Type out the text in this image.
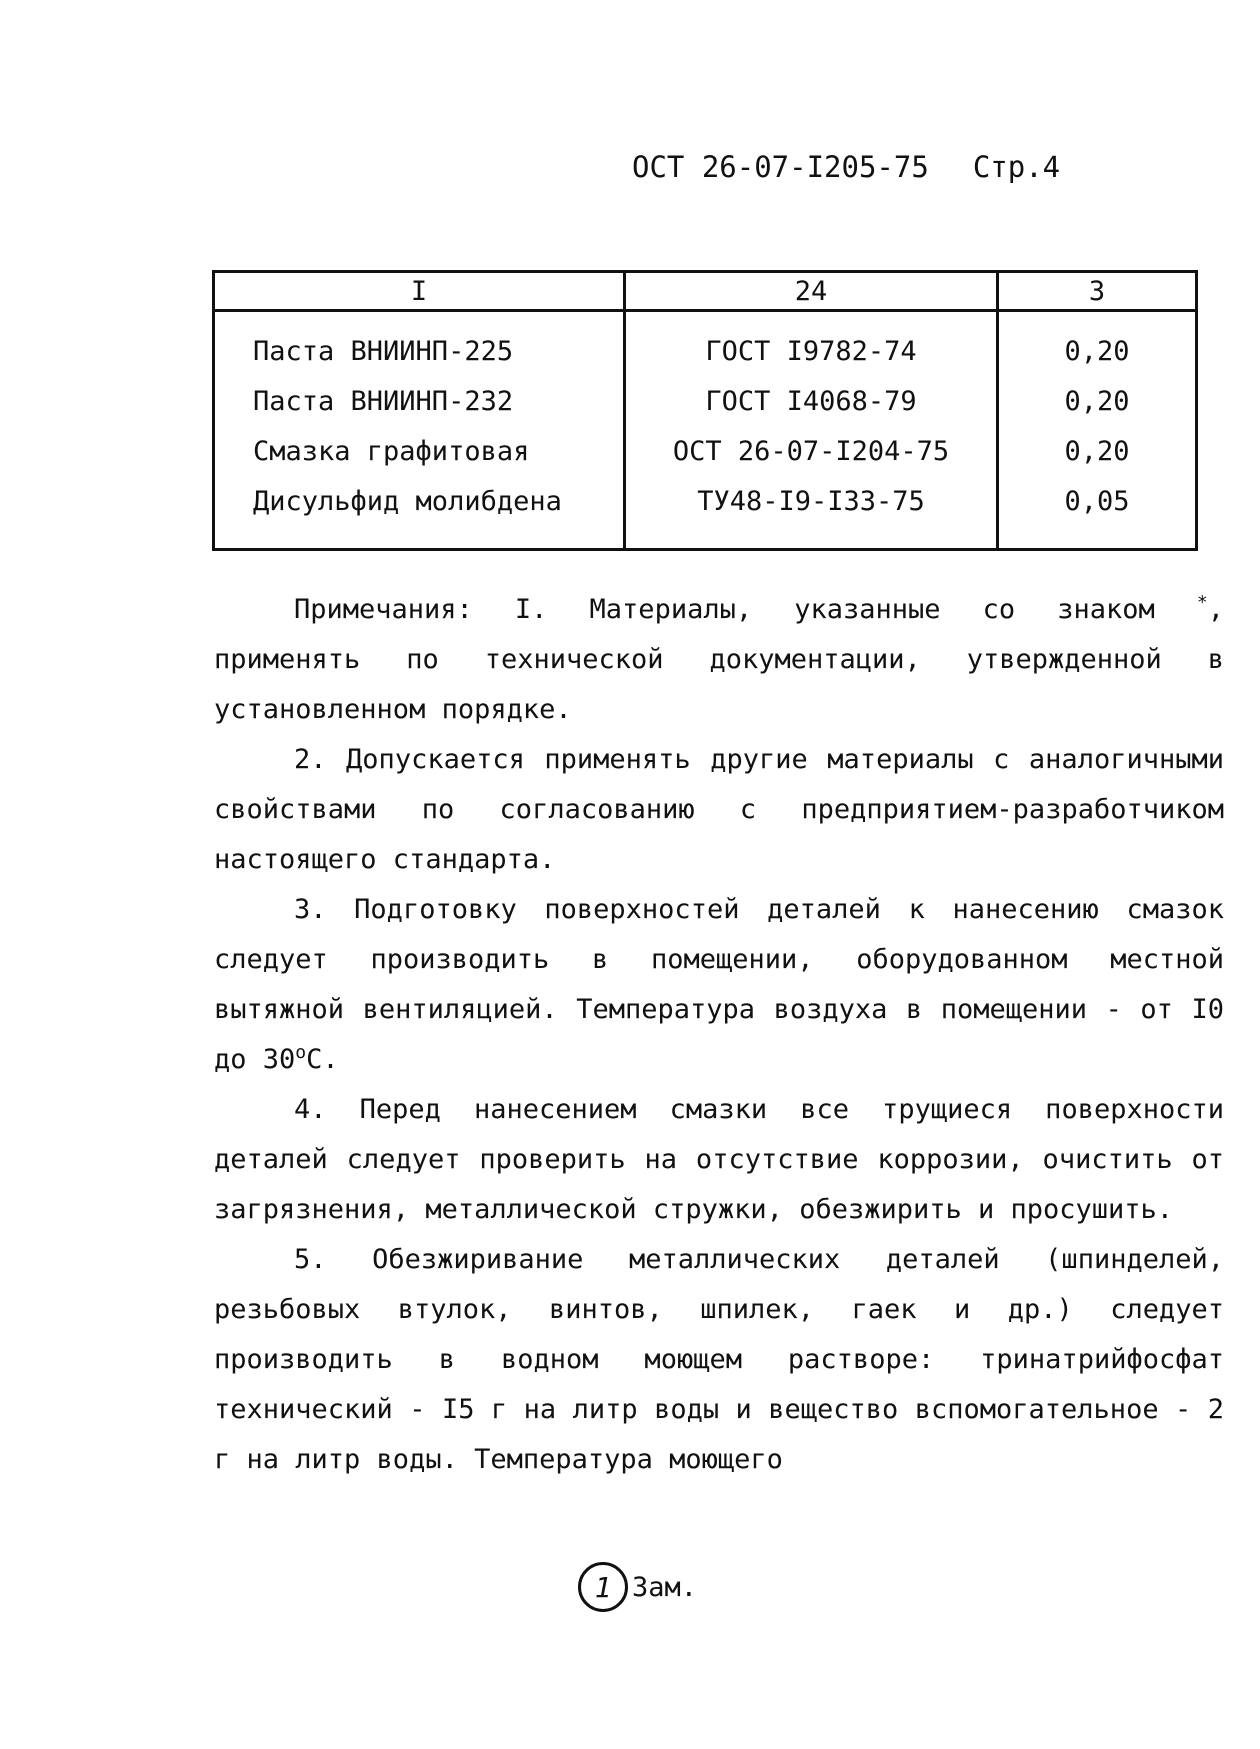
ОСТ 26-07-I205-75 Стр.4
I	24	3
Паста ВНИИНП-225	ГОСТ I9782-74	0,20
Паста ВНИИНП-232	ГОСТ I4068-79	0,20
Смазка графитовая	ОСТ 26-07-I204-75	0,20
Дисульфид молибдена	ТУ48-I9-I33-75	0,05

Примечания: I. Материалы, указанные со знаком *, применять по технической документации, утвержденной в установленном порядке.

2. Допускается применять другие материалы с аналогичными свойствами по согласованию с предприятием-разработчиком настоящего стандарта.

3. Подготовку поверхностей деталей к нанесению смазок следует производить в помещении, оборудованном местной вытяжной вентиляцией. Температура воздуха в помещении - от I0 до 30$^o$С.

4. Перед нанесением смазки все трущиеся поверхности деталей следует проверить на отсутствие коррозии, очистить от загрязнения, металлической стружки, обезжирить и просушить.

5. Обезжиривание металлических деталей (шпинделей, резьбовых втулок, винтов, шпилек, гаек и др.) следует производить в водном моющем растворе: тринатрийфосфат технический - I5 г на литр воды и вещество вспомогательное - 2 г на литр воды. Температура моющего

1 Зам.
